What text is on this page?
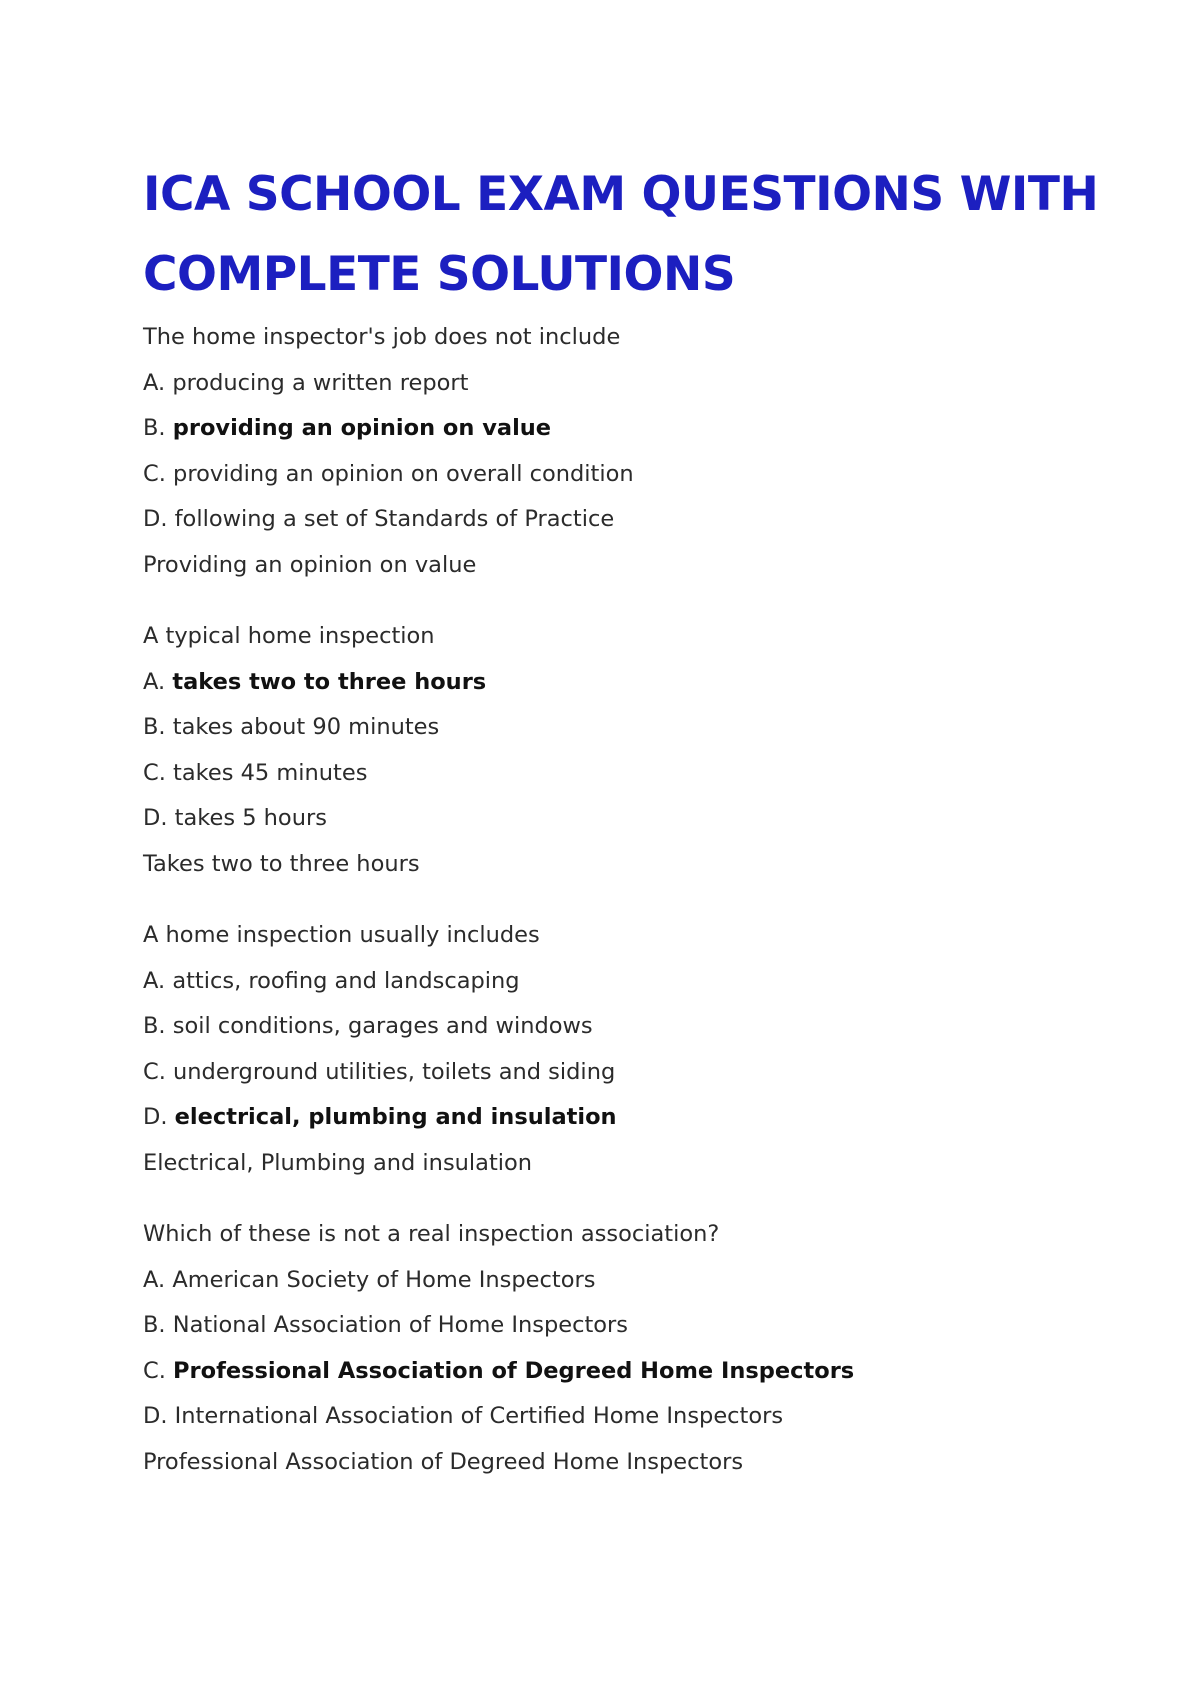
ICA SCHOOL EXAM QUESTIONS WITH
COMPLETE SOLUTIONS
The home inspector's job does not include
A. producing a written report
B. providing an opinion on value
C. providing an opinion on overall condition
D. following a set of Standards of Practice
Providing an opinion on value
A typical home inspection
A. takes two to three hours
B. takes about 90 minutes
C. takes 45 minutes
D. takes 5 hours
Takes two to three hours
A home inspection usually includes
A. attics, roofing and landscaping
B. soil conditions, garages and windows
C. underground utilities, toilets and siding
D. electrical, plumbing and insulation
Electrical, Plumbing and insulation
Which of these is not a real inspection association?
A. American Society of Home Inspectors
B. National Association of Home Inspectors
C. Professional Association of Degreed Home Inspectors
D. International Association of Certified Home Inspectors
Professional Association of Degreed Home Inspectors
